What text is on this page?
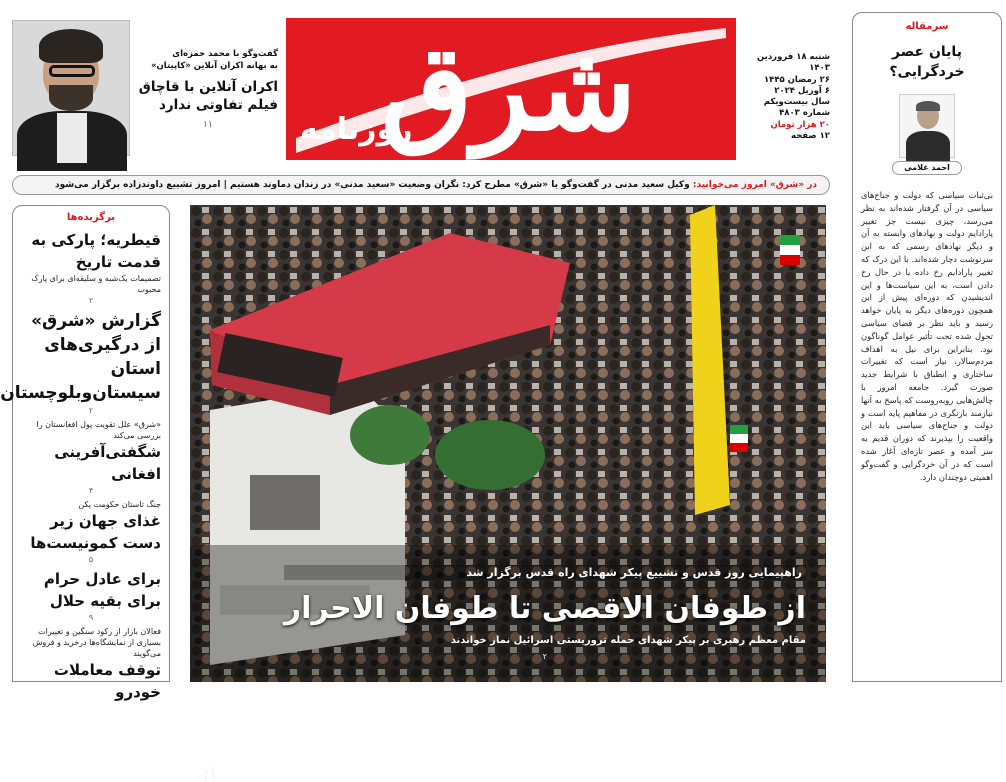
گفت‌وگو با محمد حمزه‌ای
به بهانه اکران آنلاین «کاپیتان»
اکران آنلاین با قاچاق فیلم تفاوتی ندارد
۱۱	شرق
روزنامه
شنبه ۱۸ فروردین ۱۴۰۳
۲۶ رمضان ۱۴۴۵
۶ آوریل ۲۰۲۴
سال بیست‌ویکم
شماره ۴۸۰۳
۲۰ هزار تومان
۱۲ صفحه
در «شرق» امروز می‌خوانید: وکیل سعید مدنی در گفت‌وگو با «شرق» مطرح کرد: نگران وضعیت «سعید مدنی» در زندان دماوند هستیم | امروز تشییع داوندزاده برگزار می‌شود
برگزیده‌ها
قیطریه؛ پارکی به قدمت تاریخ
تصمیمات یک‌شبه و سلیقه‌ای برای پارک محبوب
۲
گزارش «شرق» از درگیری‌های استان سیستان‌وبلوچستان
۲
«شرق» علل تقویت پول افغانستان را بررسی می‌کند
شگفتی‌آفرینی افغانی
۴
جنگ تاستان حکومت پکن
غذای جهان زیر دست کمونیست‌ها
۵
برای عادل حرام برای بقیه حلال
۹
فعالان بازار از رکود سنگین و تغییرات بسیاری از نمایشگاه‌ها درخرید و فروش می‌گویند
توقف معاملات خودرو
راهپیمایی روز قدس و تشییع پیکر شهدای راه قدس برگزار شد
از طوفان الاقصی تا طوفان الاحرار
مقام معظم رهبری بر پیکر شهدای حمله تروریستی اسرائیل نماز خواندند
۲
عکس: شرق / ...
سرمقاله
پایان عصر خردگرایی؟
احمد غلامی
بی‌ثبات سیاسی که دولت و جناح‌های سیاسی در آن گرفتار شده‌اند به نظر می‌رسد، چیزی نیست جز تغییر پارادایم دولت و نهادهای وابسته به آن و دیگر نهادهای رسمی که به این سرنوشت دچار شده‌اند. با این درک که تغییر پارادایم رخ داده یا در حال رخ دادن است، به این سیاست‌ها و این اندیشیدن که دوره‌ای پیش از این همچون دوره‌های دیگر به پایان خواهد رسید و باید نظر بر فضای سیاسی تحول شده تحت تأثیر عوامل گوناگون بود. بنابراین برای نیل به اهداف مردم‌سالار، نیاز است که تغییرات ساختاری و انطباق با شرایط جدید صورت گیرد. جامعه امروز با چالش‌هایی روبه‌روست که پاسخ به آنها نیازمند بازنگری در مفاهیم پایه است و دولت و جناح‌های سیاسی باید این واقعیت را بپذیرند که دوران قدیم به سر آمده و عصر تازه‌ای آغاز شده است که در آن خردگرایی و گفت‌وگو اهمیتی دوچندان دارد.
